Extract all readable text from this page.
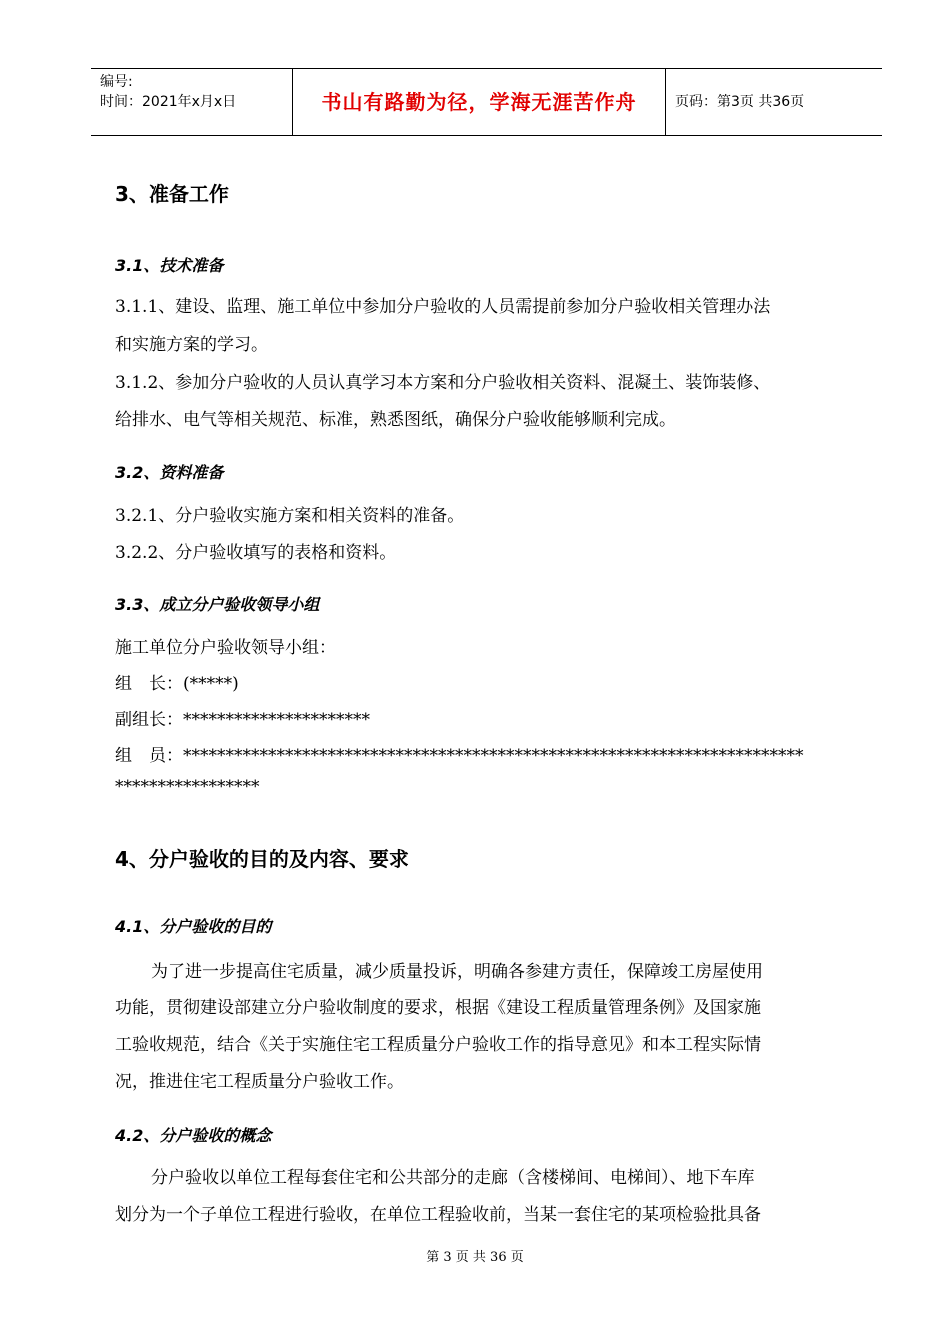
编号:
时间：2021年x月x日	书山有路勤为径，学海无涯苦作舟	页码：第3页 共36页
3、准备工作
3.1、技术准备
3.1.1、建设、监理、施工单位中参加分户验收的人员需提前参加分户验收相关管理办法
和实施方案的学习。
3.1.2、参加分户验收的人员认真学习本方案和分户验收相关资料、混凝土、装饰装修、
给排水、电气等相关规范、标准，熟悉图纸，确保分户验收能够顺利完成。
3.2、资料准备
3.2.1、分户验收实施方案和相关资料的准备。
3.2.2、分户验收填写的表格和资料。
3.3、成立分户验收领导小组
施工单位分户验收领导小组：
组　长：(*****)
副组长：**********************
组　员：*************************************************************************
*****************
4、分户验收的目的及内容、要求
4.1、分户验收的目的
为了进一步提高住宅质量，减少质量投诉，明确各参建方责任，保障竣工房屋使用
功能，贯彻建设部建立分户验收制度的要求，根据《建设工程质量管理条例》及国家施
工验收规范，结合《关于实施住宅工程质量分户验收工作的指导意见》和本工程实际情
况，推进住宅工程质量分户验收工作。
4.2、分户验收的概念
分户验收以单位工程每套住宅和公共部分的走廊（含楼梯间、电梯间）、地下车库
划分为一个子单位工程进行验收，在单位工程验收前，当某一套住宅的某项检验批具备
第 3 页 共 36 页
